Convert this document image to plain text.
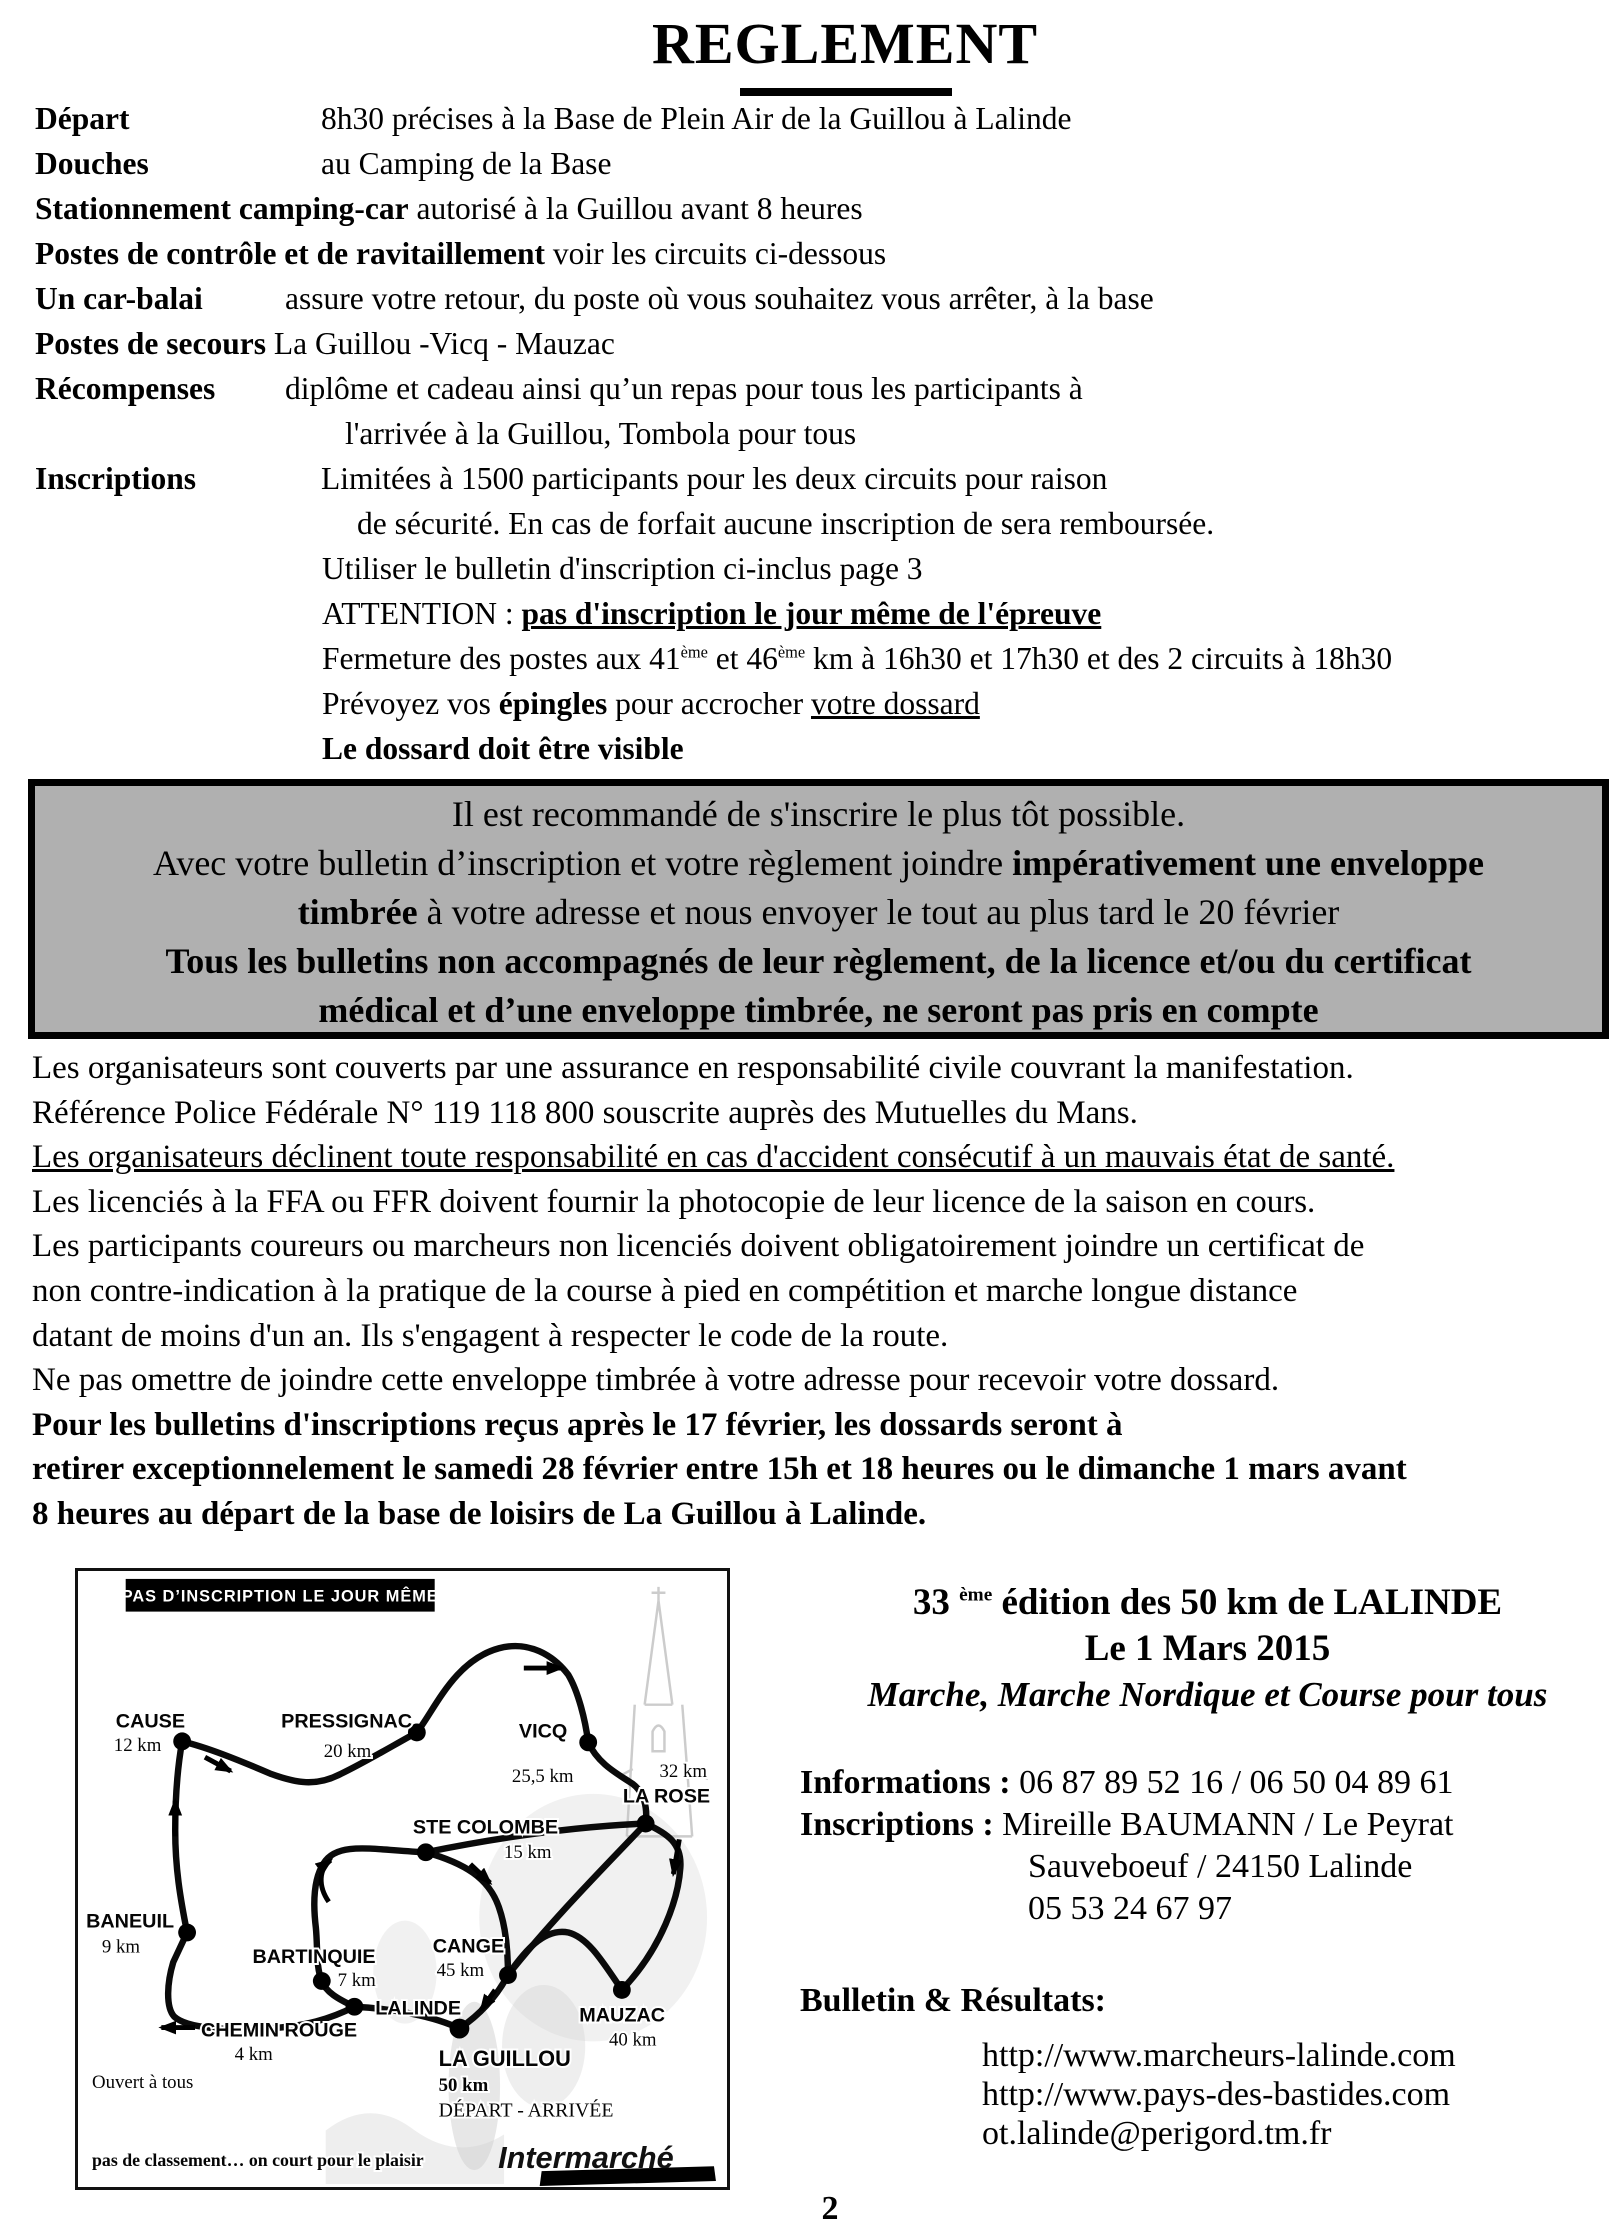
REGLEMENT
Départ	8h30 précises à la Base de Plein Air de la Guillou à Lalinde
Douches	au Camping de la Base
Stationnement camping-car autorisé à la Guillou avant 8 heures
Postes de contrôle et de ravitaillement voir les circuits ci-dessous
Un car-balai	assure votre retour, du poste où vous souhaitez vous arrêter, à la base
Postes de secours La Guillou -Vicq - Mauzac
Récompenses diplôme et cadeau ainsi qu’un repas pour tous les participants à
l'arrivée à la Guillou, Tombola pour tous
Inscriptions	Limitées à 1500 participants pour les deux circuits pour raison
de sécurité. En cas de forfait aucune inscription de sera remboursée.
Utiliser le bulletin d'inscription ci-inclus page 3
ATTENTION : pas d'inscription le jour même de l'épreuve
Fermeture des postes aux 41ème et 46ème km à 16h30 et 17h30 et des 2 circuits à 18h30
Prévoyez vos épingles pour accrocher votre dossard
Le dossard doit être visible
Il est recommandé de s'inscrire le plus tôt possible.
Avec votre bulletin d’inscription et votre règlement joindre impérativement une enveloppe
timbrée à votre adresse et nous envoyer le tout au plus tard le 20 février
Tous les bulletins non accompagnés de leur règlement, de la licence et/ou du certificat
médical et d’une enveloppe timbrée, ne seront pas pris en compte
Les organisateurs sont couverts par une assurance en responsabilité civile couvrant la manifestation.
Référence Police Fédérale N° 119 118 800 souscrite auprès des Mutuelles du Mans.
Les organisateurs déclinent toute responsabilité en cas d'accident consécutif à un mauvais état de santé.
Les licenciés à la FFA ou FFR doivent fournir la photocopie de leur licence de la saison en cours.
Les participants coureurs ou marcheurs non licenciés doivent obligatoirement joindre un certificat de
non contre-indication à la pratique de la course à pied en compétition et marche longue distance
datant de moins d'un an. Ils s'engagent à respecter le code de la route.
Ne pas omettre de joindre cette enveloppe timbrée à votre adresse pour recevoir votre dossard.
Pour les bulletins d'inscriptions reçus après le 17 février, les dossards seront à
retirer exceptionnelement le samedi 28 février entre 15h et 18 heures ou le dimanche 1 mars avant
8 heures au départ de la base de loisirs de La Guillou à Lalinde.
CAUSE	PRESSIGNAC	VICQ
LA ROSE
STE COLOMBE
BANEUIL
BARTINQUIE	CANGE
LALINDE
CHEMIN ROUGE
MAUZAC
LA GUILLOU
12 km	20 km
25,5 km	32 km
15 km
9 km
7 km	45 km
4 km
40 km
50 km
DÉPART - ARRIVÉE
Ouvert à tous
pas de classement… on court pour le plaisir
PAS D’INSCRIPTION LE JOUR MÊME
Intermarché
33 $^{ème}$ édition des 50 km de LALINDE
Le 1 Mars 2015
Marche, Marche Nordique et Course pour tous
Informations : 06 87 89 52 16 / 06 50 04 89 61
Inscriptions : Mireille BAUMANN / Le Peyrat
Sauveboeuf / 24150 Lalinde
05 53 24 67 97
Bulletin & Résultats:
http://www.marcheurs-lalinde.com
http://www.pays-des-bastides.com
ot.lalinde@perigord.tm.fr
2
